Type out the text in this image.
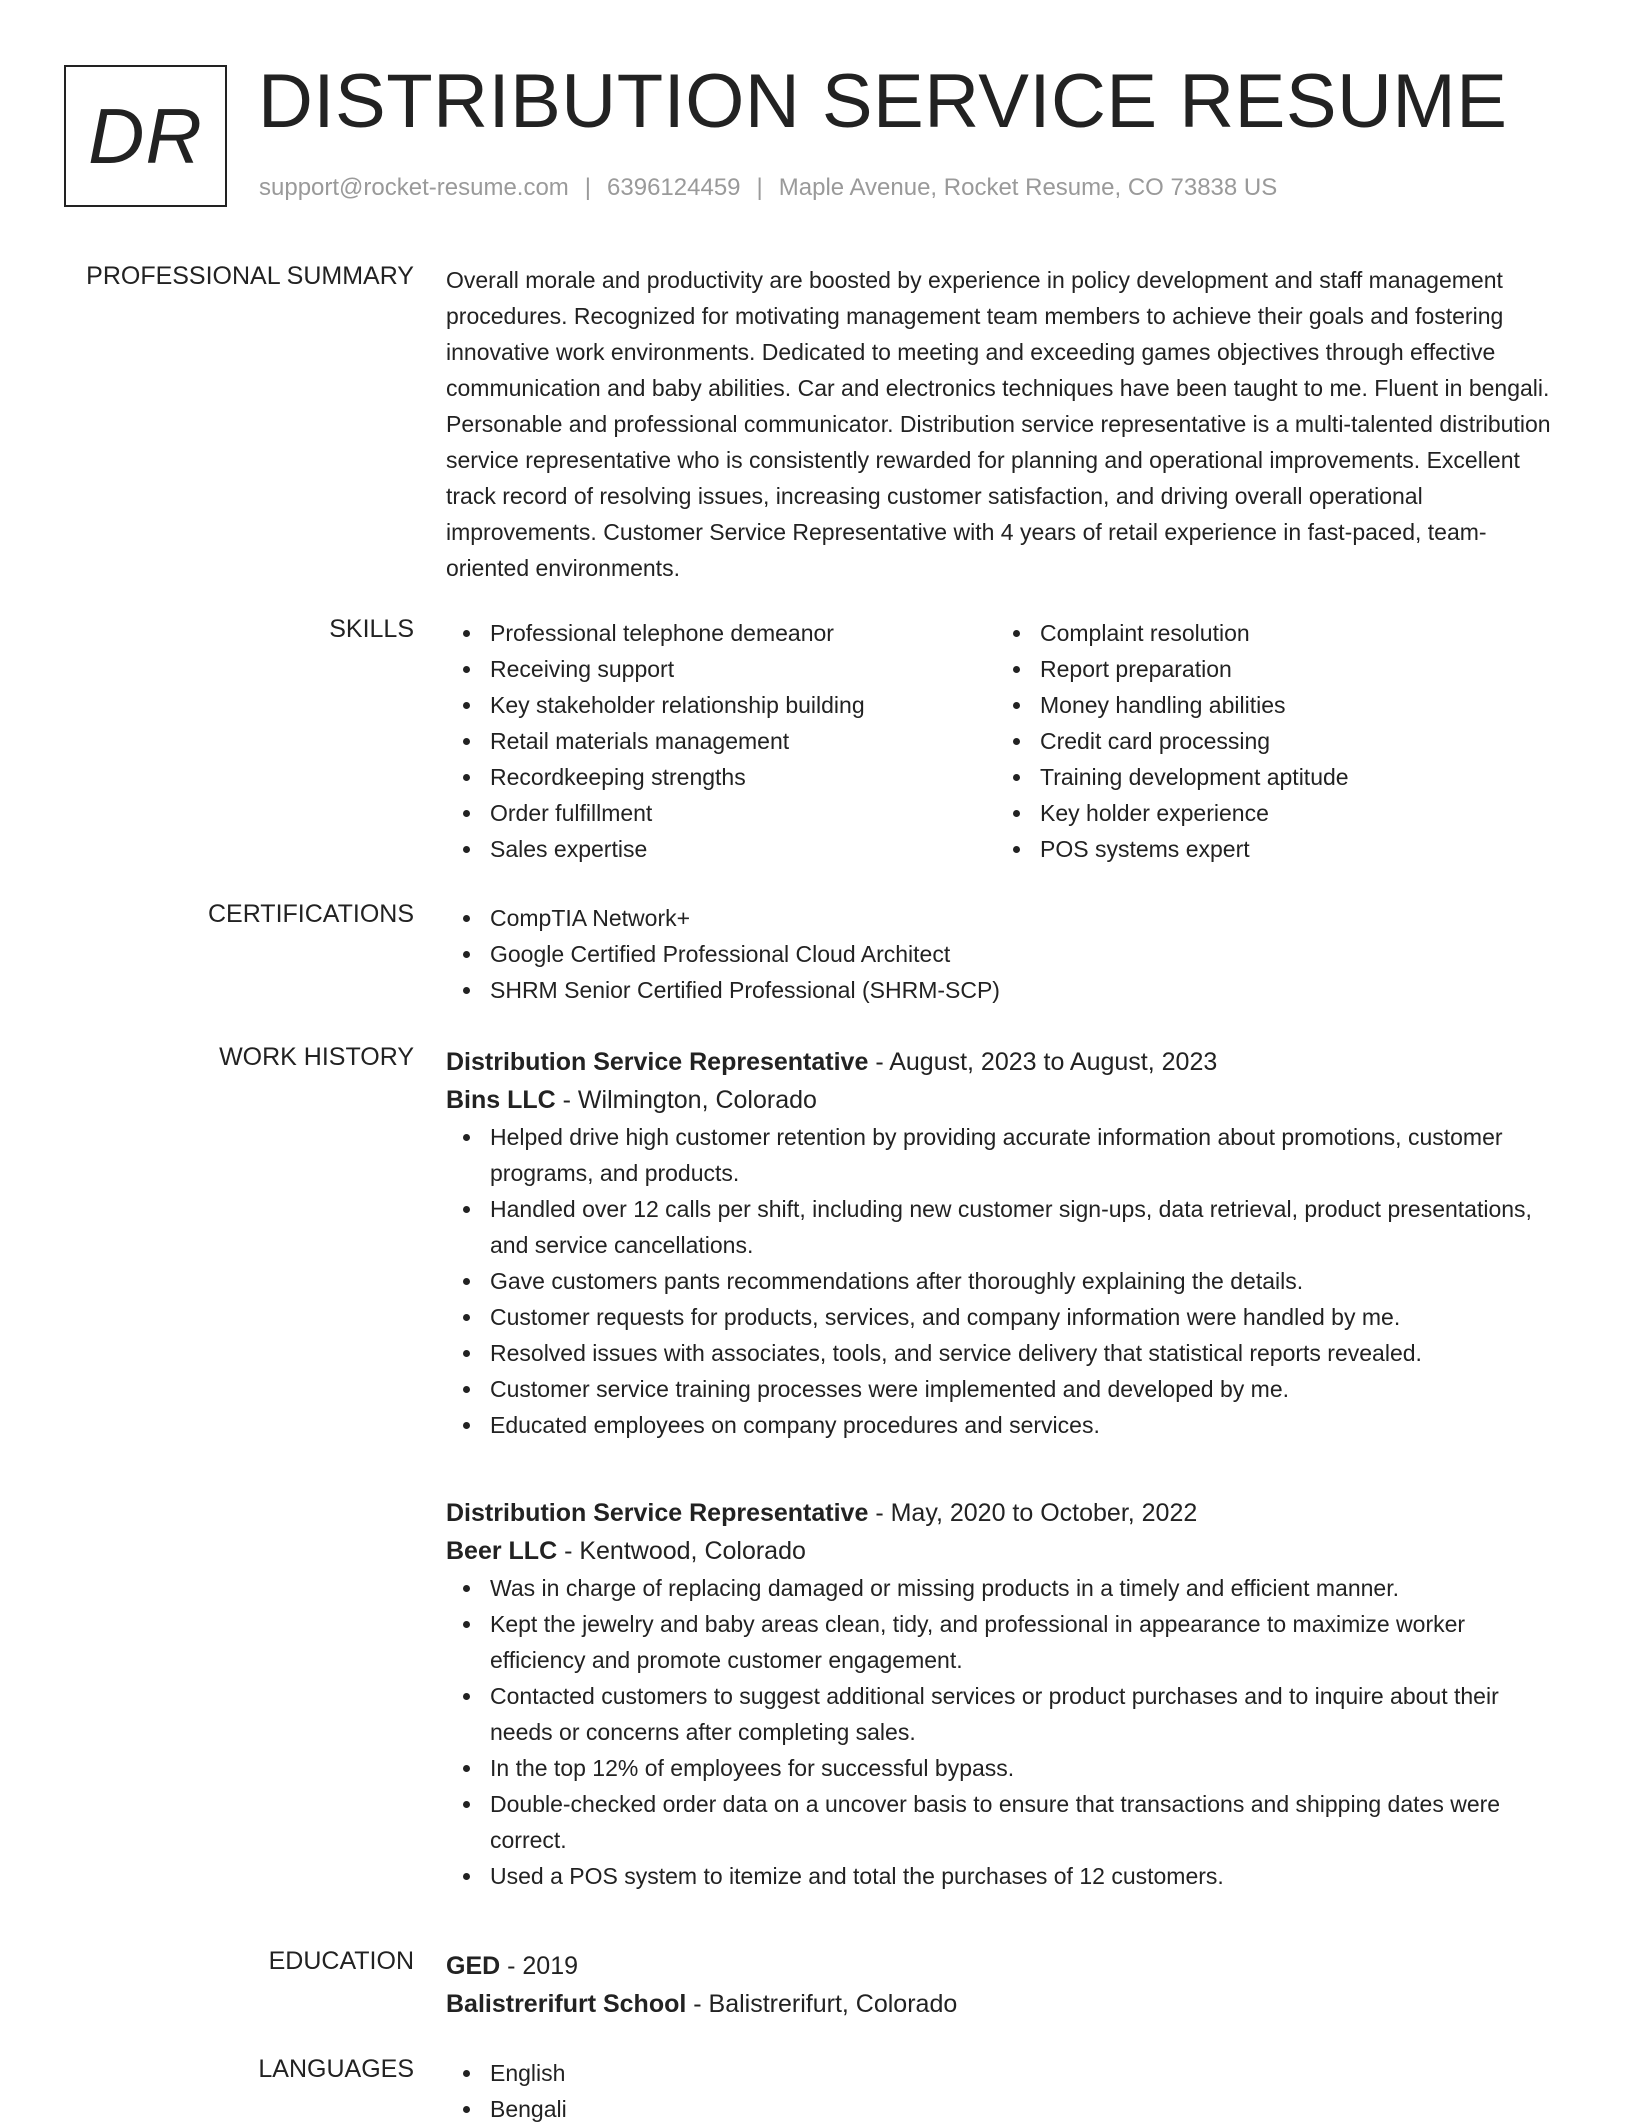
DR DISTRIBUTION SERVICE RESUME
support@rocket-resume.com | 6396124459 | Maple Avenue, Rocket Resume, CO 73838 US
PROFESSIONAL SUMMARY Overall morale and productivity are boosted by experience in policy development and staff management procedures. Recognized for motivating management team members to achieve their goals and fostering innovative work environments. Dedicated to meeting and exceeding games objectives through effective communication and baby abilities. Car and electronics techniques have been taught to me. Fluent in bengali. Personable and professional communicator. Distribution service representative is a multi-talented distribution service representative who is consistently rewarded for planning and operational improvements. Excellent track record of resolving issues, increasing customer satisfaction, and driving overall operational improvements. Customer Service Representative with 4 years of retail experience in fast-paced, team-oriented environments.

SKILLS	Professional telephone demeanor
Receiving support
Key stakeholder relationship building
Retail materials management
Recordkeeping strengths
Order fulfillment
Sales expertise
Complaint resolution
Report preparation
Money handling abilities
Credit card processing
Training development aptitude
Key holder experience
POS systems expert
CERTIFICATIONS	CompTIA Network+
Google Certified Professional Cloud Architect
SHRM Senior Certified Professional (SHRM-SCP)
WORK HISTORY Distribution Service Representative - August, 2023 to August, 2023
Bins LLC - Wilmington, Colorado
Helped drive high customer retention by providing accurate information about promotions, customer programs, and products.
Handled over 12 calls per shift, including new customer sign-ups, data retrieval, product presentations, and service cancellations.
Gave customers pants recommendations after thoroughly explaining the details.
Customer requests for products, services, and company information were handled by me.
Resolved issues with associates, tools, and service delivery that statistical reports revealed.
Customer service training processes were implemented and developed by me.
Educated employees on company procedures and services.
Distribution Service Representative - May, 2020 to October, 2022
Beer LLC - Kentwood, Colorado
Was in charge of replacing damaged or missing products in a timely and efficient manner.
Kept the jewelry and baby areas clean, tidy, and professional in appearance to maximize worker efficiency and promote customer engagement.
Contacted customers to suggest additional services or product purchases and to inquire about their needs or concerns after completing sales.
In the top 12% of employees for successful bypass.
Double-checked order data on a uncover basis to ensure that transactions and shipping dates were correct.
Used a POS system to itemize and total the purchases of 12 customers.
EDUCATION GED - 2019
Balistrerifurt School - Balistrerifurt, Colorado
LANGUAGES	English
Bengali
